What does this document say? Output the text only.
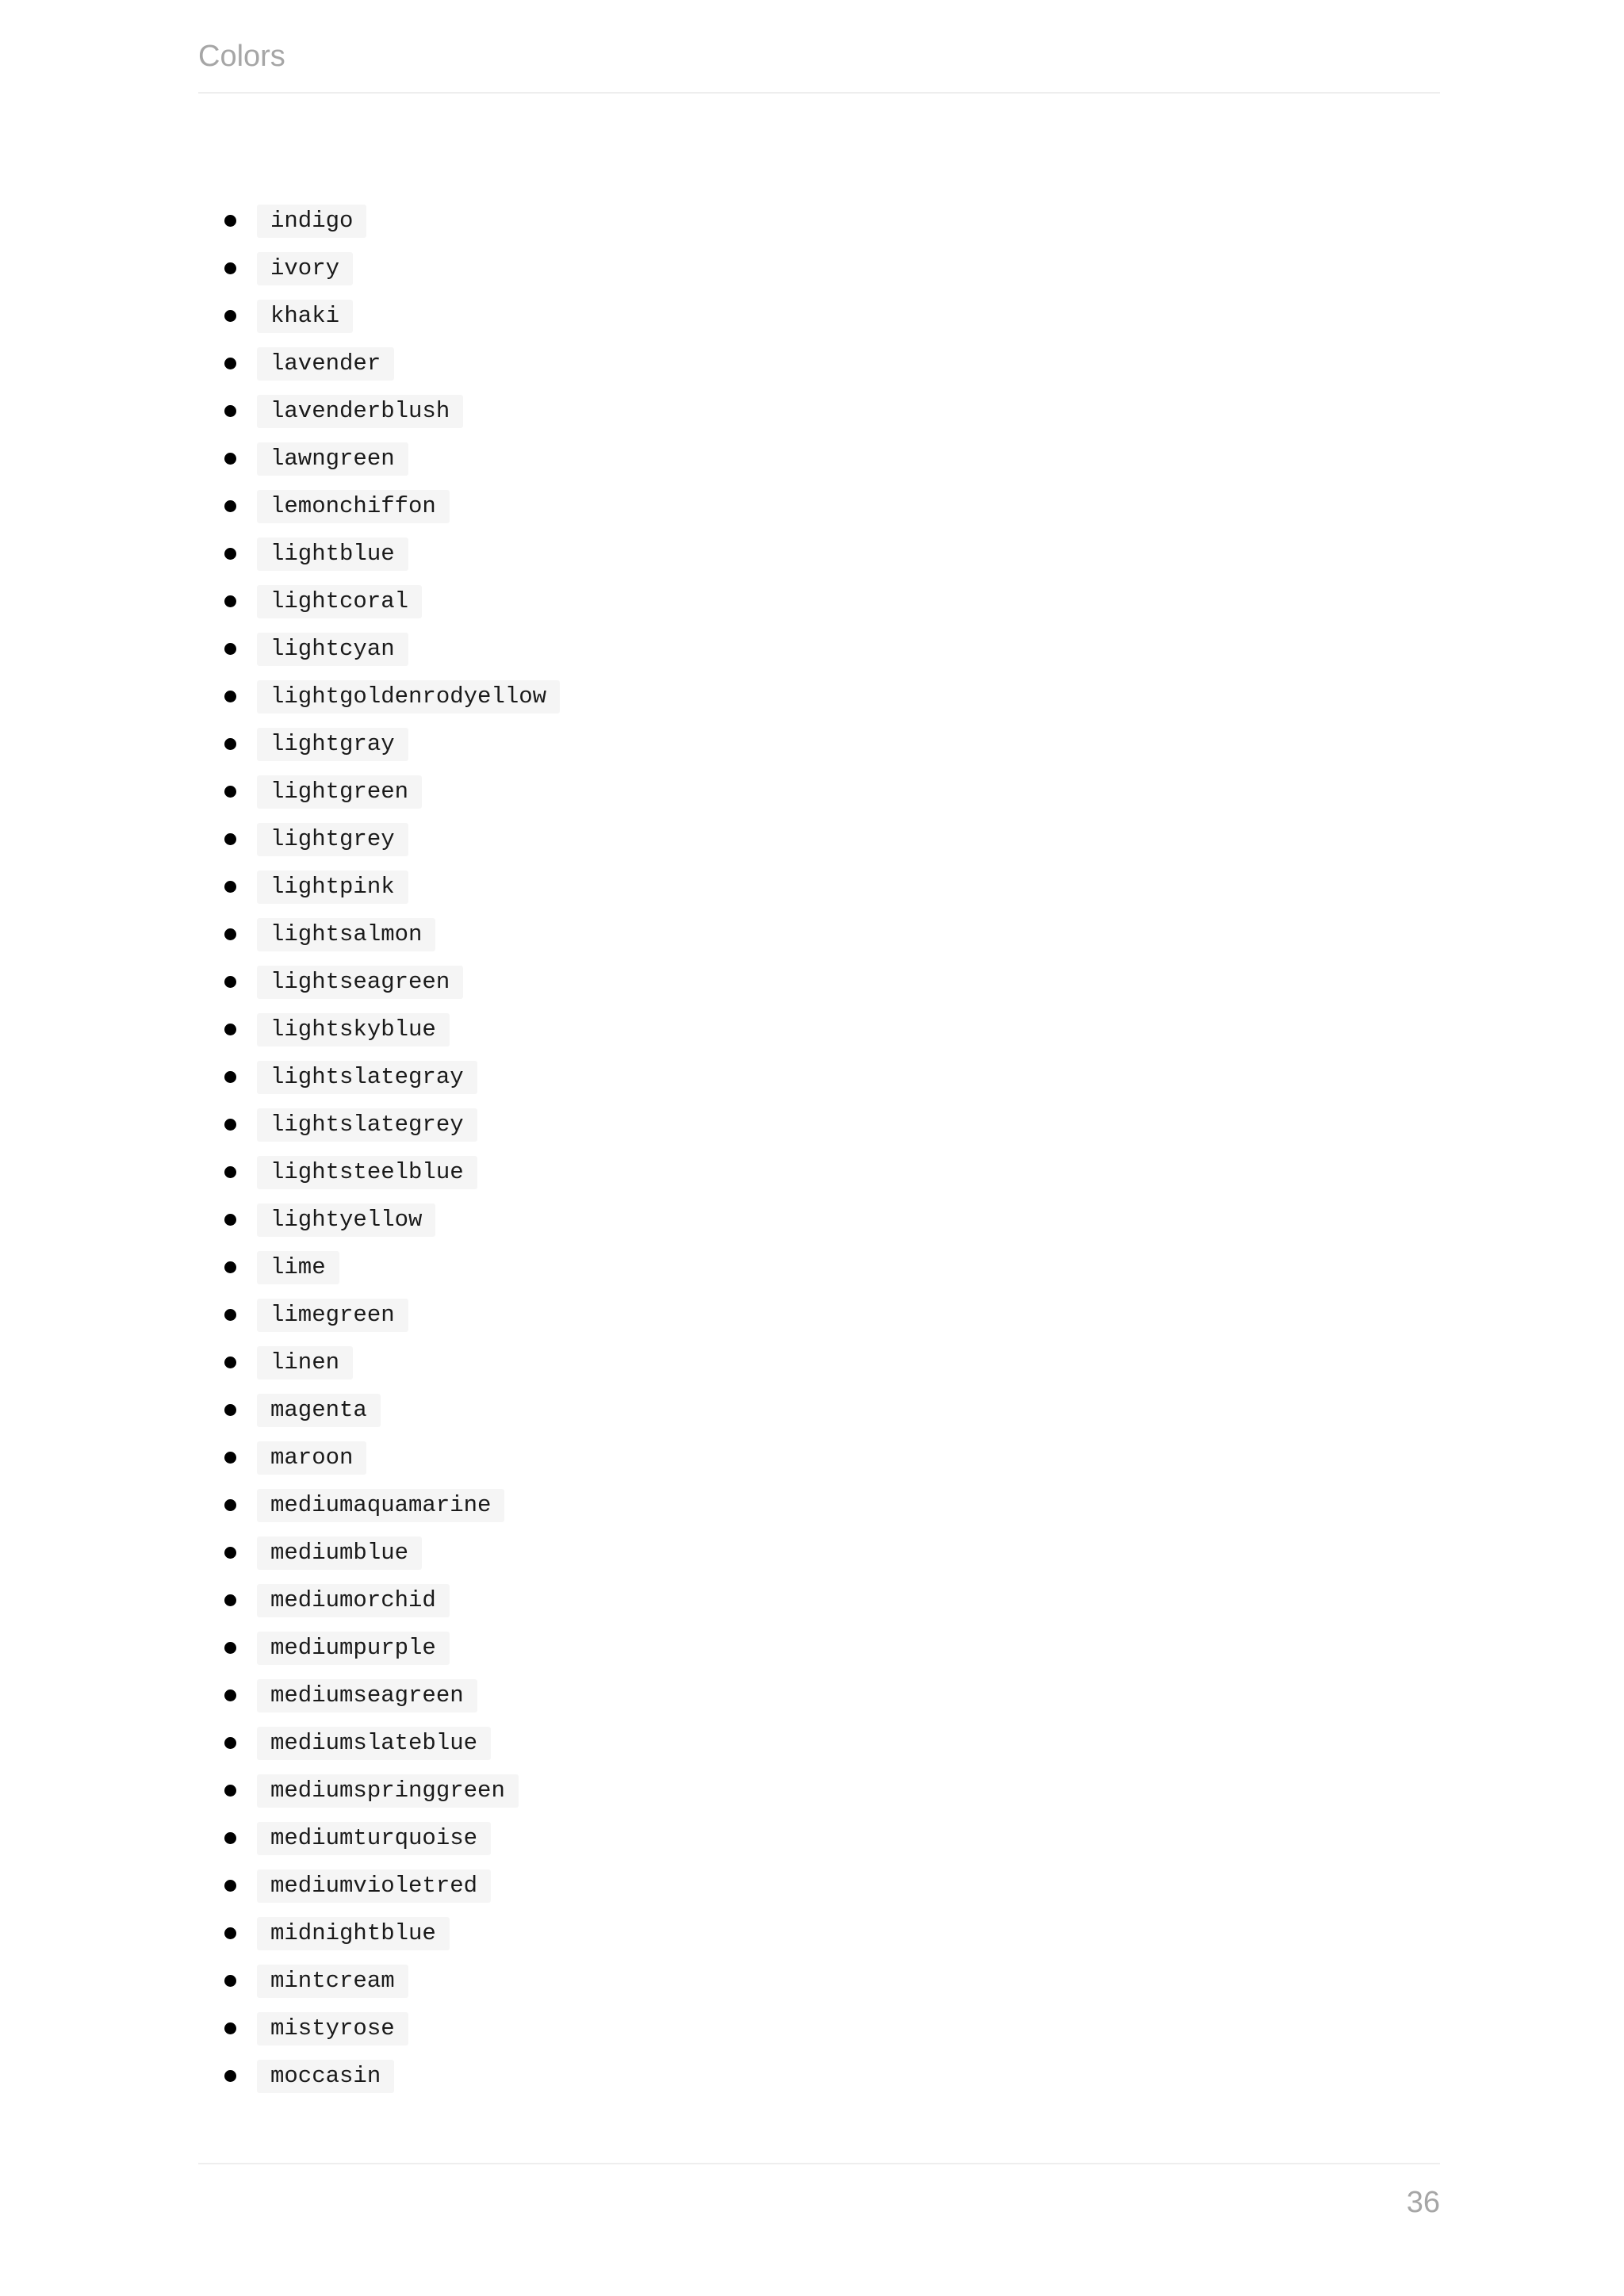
Colors
indigo
ivory
khaki
lavender
lavenderblush
lawngreen
lemonchiffon
lightblue
lightcoral
lightcyan
lightgoldenrodyellow
lightgray
lightgreen
lightgrey
lightpink
lightsalmon
lightseagreen
lightskyblue
lightslategray
lightslategrey
lightsteelblue
lightyellow
lime
limegreen
linen
magenta
maroon
mediumaquamarine
mediumblue
mediumorchid
mediumpurple
mediumseagreen
mediumslateblue
mediumspringgreen
mediumturquoise
mediumvioletred
midnightblue
mintcream
mistyrose
moccasin
36
